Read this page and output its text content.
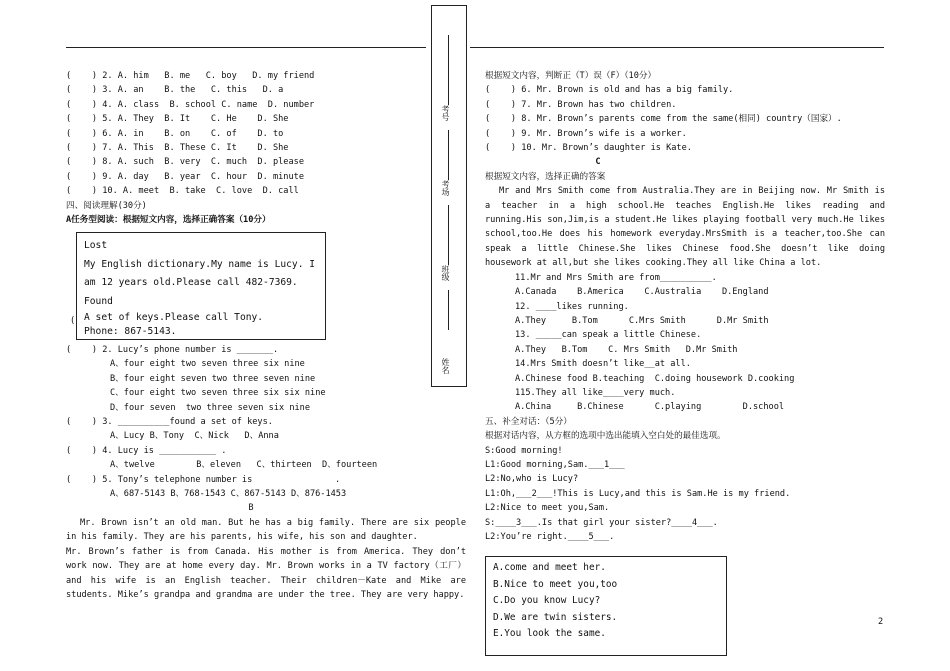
(    ) 2. A. him   B. me   C. boy   D. my friend
(    ) 3. A. an    B. the   C. this   D. a
(    ) 4. A. class  B. school C. name  D. number
(    ) 5. A. They  B. It    C. He    D. She
(    ) 6. A. in    B. on    C. of    D. to
(    ) 7. A. This  B. These C. It    D. She
(    ) 8. A. such  B. very  C. much  D. please
(    ) 9. A. day   B. year  C. hour  D. minute
(    ) 10. A. meet  B. take  C. love  D. call
四、阅读理解(30分)
A任务型阅读：根据短文内容，选择正确答案（10分）
Lost
My English dictionary.My name is Lucy. I
am 12 years old.Please call 482-7369.
Found
A set of keys.Please call Tony.
Phone: 867-5143.
(
(    ) 2. Lucy’s phone number is _______.
A、four eight two seven three six nine
B、four eight seven two three seven nine
C、four eight two seven three six six nine
D、four seven  two three seven six nine
(    ) 3. __________found a set of keys.
A、Lucy B、Tony  C、Nick   D、Anna
(    ) 4. Lucy is ___________ .
A、twelve        B、eleven   C、thirteen  D、fourteen
(    ) 5. Tony’s telephone number is                .
A、687-5143 B、768-1543 C、867-5143 D、876-1453
B
Mr. Brown isn’t an old man. But he has a big family. There are six people in his family. They are his parents, his wife, his son and daughter.
Mr. Brown’s father is from Canada. His mother is from America. They don’t work now. They are at home every day. Mr. Brown works in a TV factory（工厂）and his wife is an English teacher. Their children－Kate and Mike are students. Mike’s grandpa and grandma are under the tree. They are very happy.
考号
考场
班级
姓名
根据短文内容，判断正（T）误（F）（10分）
(    ) 6. Mr. Brown is old and has a big family.
(    ) 7. Mr. Brown has two children.
(    ) 8. Mr. Brown’s parents come from the same(相同) country（国家）.
(    ) 9. Mr. Brown’s wife is a worker.
(    ) 10. Mr. Brown’s daughter is Kate.
C
根据短文内容，选择正确的答案
Mr and Mrs Smith come from Australia.They are in Beijing now. Mr Smith is a teacher in a high school.He teaches English.He likes reading and running.His son,Jim,is a student.He likes playing football very much.He likes school,too.He does his homework everyday.MrsSmith is a teacher,too.She can speak a little Chinese.She likes Chinese food.She doesn’t like doing housework at all,but she likes cooking.They all like China a lot.
11.Mr and Mrs Smith are from__________.
A.Canada    B.America    C.Australia    D.England
12. ____likes running.
A.They     B.Tom      C.Mrs Smith      D.Mr Smith
13. _____can speak a little Chinese.
A.They   B.Tom    C. Mrs Smith   D.Mr Smith
14.Mrs Smith doesn’t like__at all.
A.Chinese food B.teaching  C.doing housework D.cooking
115.They all like____very much.
A.China     B.Chinese      C.playing        D.school
五、补全对话：（5分）
根据对话内容，从方框的选项中选出能填入空白处的最佳选项。
S:Good morning!
L1:Good morning,Sam.___1___
L2:No,who is Lucy?
L1:Oh,___2___!This is Lucy,and this is Sam.He is my friend.
L2:Nice to meet you,Sam.
S:____3___.Is that girl your sister?____4___.
L2:You’re right.____5___.
A.come and meet her.
B.Nice to meet you,too
C.Do you know Lucy?
D.We are twin sisters.
E.You look the same.
2
